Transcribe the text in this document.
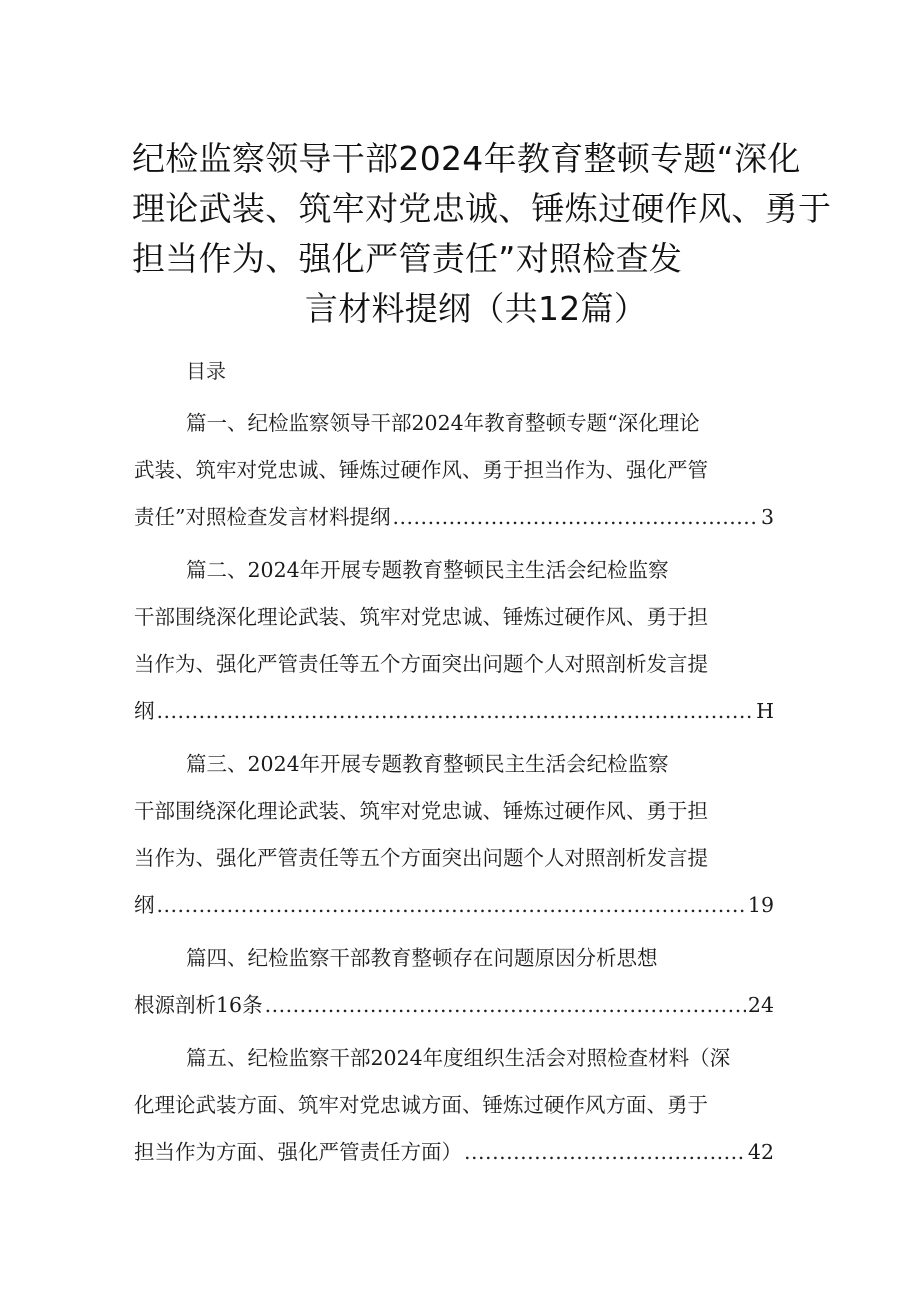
纪检监察领导干部2024年教育整顿专题“深化
理论武装、筑牢对党忠诚、锤炼过硬作风、勇于
担当作为、强化严管责任”对照检查发
言材料提纲（共12篇）
目录
篇一、纪检监察领导干部2024年教育整顿专题“深化理论
武装、筑牢对党忠诚、锤炼过硬作风、勇于担当作为、强化严管
责任”对照检查发言材料提纲 .....	3
篇二、2024年开展专题教育整顿民主生活会纪检监察
干部围绕深化理论武装、筑牢对党忠诚、锤炼过硬作风、勇于担
当作为、强化严管责任等五个方面突出问题个人对照剖析发言提
纲 .....	H
篇三、2024年开展专题教育整顿民主生活会纪检监察
干部围绕深化理论武装、筑牢对党忠诚、锤炼过硬作风、勇于担
当作为、强化严管责任等五个方面突出问题个人对照剖析发言提
纲 .....	19
篇四、纪检监察干部教育整顿存在问题原因分析思想
根源剖析16条 .....	24
篇五、纪检监察干部2024年度组织生活会对照检查材料（深
化理论武装方面、筑牢对党忠诚方面、锤炼过硬作风方面、勇于
担当作为方面、强化严管责任方面） .....	42
